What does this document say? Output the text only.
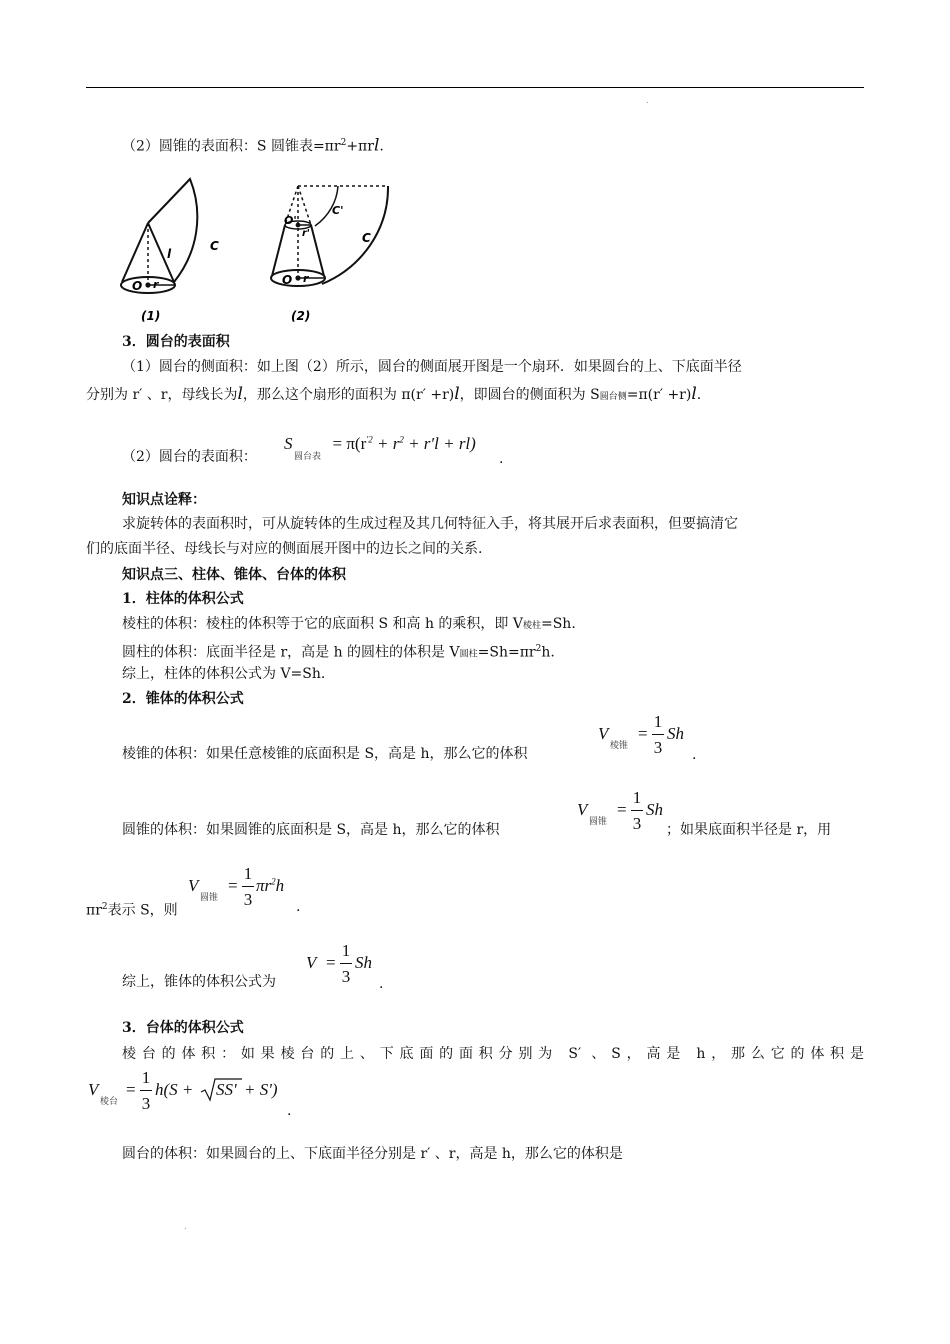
.
（2）圆锥的表面积：S 圆锥表$=\pi r^2+\pi rl$.
O r
l
C
(1)
O'
r'
C'
O r
C
(2)
3．圆台的表面积
（1）圆台的侧面积：如上图（2）所示，圆台的侧面展开图是一个扇环．如果圆台的上、下底面半径
分别为 r′ 、r，母线长为l，那么这个扇形的面积为 π(r′ +r)l，即圆台的侧面积为 S圆台侧=π(r′ +r)l.
（2）圆台的表面积：
$S = \pi(r^{'2} + r^2 + r'l + rl)$
圆台表	.
知识点诠释：
求旋转体的表面积时，可从旋转体的生成过程及其几何特征入手，将其展开后求表面积，但要搞清它
们的底面半径、母线长与对应的侧面展开图中的边长之间的关系.
知识点三、柱体、锥体、台体的体积
1．柱体的体积公式
棱柱的体积：棱柱的体积等于它的底面积 S 和高 h 的乘积，即 V棱柱=Sh.
圆柱的体积：底面半径是 r，高是 h 的圆柱的体积是 V圆柱$=Sh=\pi r^2h$.
综上，柱体的体积公式为 V=Sh.
2．锥体的体积公式
棱锥的体积：如果任意棱锥的底面积是 S，高是 h，那么它的体积
V
棱锥
=
1
3
Sh
.
圆锥的体积：如果圆锥的底面积是 S，高是 h，那么它的体积
V
圆锥
=
1
3
Sh
；如果底面积半径是 r，用
$\pi r^2$表示 S，则
V
圆锥
=
1
3
$\pi r^2h$
.
综上，锥体的体积公式为
V =
1
3
Sh
.
3．台体的体积公式
棱台的体积：如果棱台的上、下底面的面积分别为 S′ 、S，高是 h，那么它的体积是
V
棱台
=
1
3
h(S + SS' + S')
.
圆台的体积：如果圆台的上、下底面半径分别是 r′ 、r，高是 h，那么它的体积是
.
